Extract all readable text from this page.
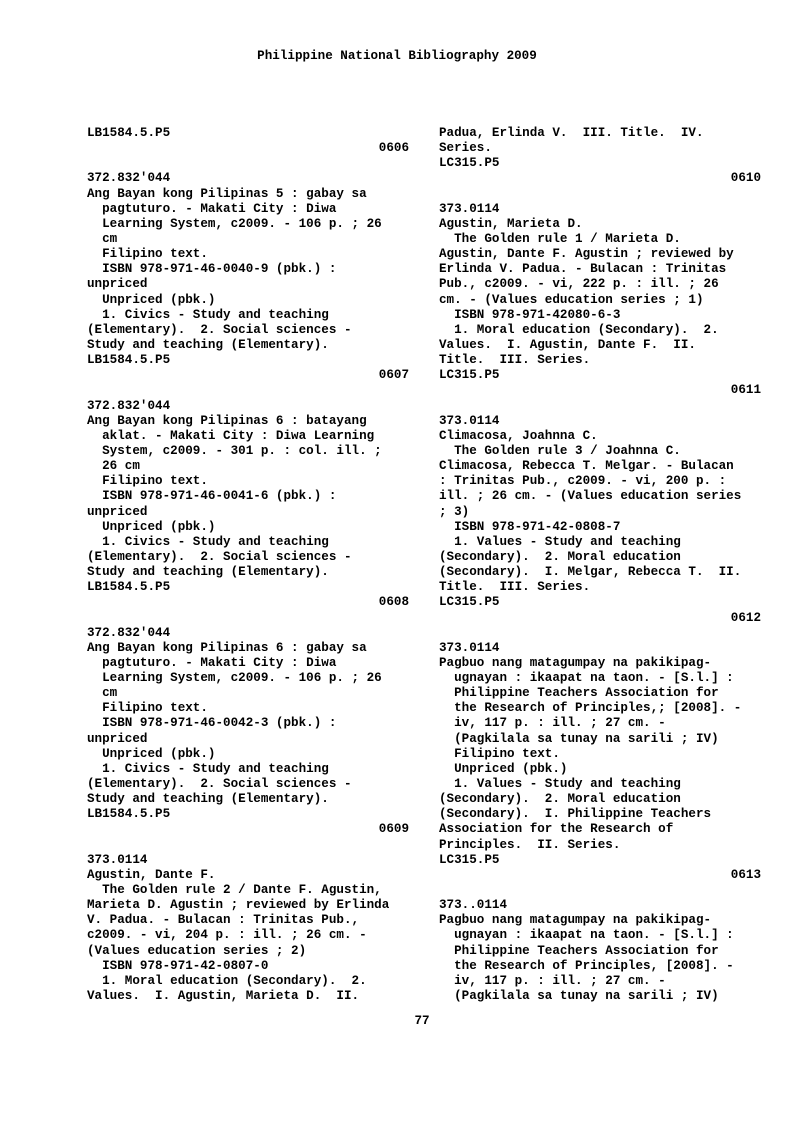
Philippine National Bibliography 2009
LB1584.5.P5
0606
372.832'044
Ang Bayan kong Pilipinas 5 : gabay sa
pagtuturo. - Makati City : Diwa
Learning System, c2009. - 106 p. ; 26
cm
Filipino text.
ISBN 978-971-46-0040-9 (pbk.) :
unpriced
Unpriced (pbk.)
1. Civics - Study and teaching
(Elementary).  2. Social sciences -
Study and teaching (Elementary).
LB1584.5.P5
0607
372.832'044
Ang Bayan kong Pilipinas 6 : batayang
aklat. - Makati City : Diwa Learning
System, c2009. - 301 p. : col. ill. ;
26 cm
Filipino text.
ISBN 978-971-46-0041-6 (pbk.) :
unpriced
Unpriced (pbk.)
1. Civics - Study and teaching
(Elementary).  2. Social sciences -
Study and teaching (Elementary).
LB1584.5.P5
0608
372.832'044
Ang Bayan kong Pilipinas 6 : gabay sa
pagtuturo. - Makati City : Diwa
Learning System, c2009. - 106 p. ; 26
cm
Filipino text.
ISBN 978-971-46-0042-3 (pbk.) :
unpriced
Unpriced (pbk.)
1. Civics - Study and teaching
(Elementary).  2. Social sciences -
Study and teaching (Elementary).
LB1584.5.P5
0609
373.0114
Agustin, Dante F.
The Golden rule 2 / Dante F. Agustin,
Marieta D. Agustin ; reviewed by Erlinda
V. Padua. - Bulacan : Trinitas Pub.,
c2009. - vi, 204 p. : ill. ; 26 cm. -
(Values education series ; 2)
ISBN 978-971-42-0807-0
1. Moral education (Secondary).  2.
Values.  I. Agustin, Marieta D.  II.
Padua, Erlinda V.  III. Title.  IV.
Series.
LC315.P5
0610
373.0114
Agustin, Marieta D.
The Golden rule 1 / Marieta D.
Agustin, Dante F. Agustin ; reviewed by
Erlinda V. Padua. - Bulacan : Trinitas
Pub., c2009. - vi, 222 p. : ill. ; 26
cm. - (Values education series ; 1)
ISBN 978-971-42080-6-3
1. Moral education (Secondary).  2.
Values.  I. Agustin, Dante F.  II.
Title.  III. Series.
LC315.P5
0611
373.0114
Climacosa, Joahnna C.
The Golden rule 3 / Joahnna C.
Climacosa, Rebecca T. Melgar. - Bulacan
: Trinitas Pub., c2009. - vi, 200 p. :
ill. ; 26 cm. - (Values education series
; 3)
ISBN 978-971-42-0808-7
1. Values - Study and teaching
(Secondary).  2. Moral education
(Secondary).  I. Melgar, Rebecca T.  II.
Title.  III. Series.
LC315.P5
0612
373.0114
Pagbuo nang matagumpay na pakikipag-
ugnayan : ikaapat na taon. - [S.l.] :
Philippine Teachers Association for
the Research of Principles,; [2008]. -
iv, 117 p. : ill. ; 27 cm. -
(Pagkilala sa tunay na sarili ; IV)
Filipino text.
Unpriced (pbk.)
1. Values - Study and teaching
(Secondary).  2. Moral education
(Secondary).  I. Philippine Teachers
Association for the Research of
Principles.  II. Series.
LC315.P5
0613
373..0114
Pagbuo nang matagumpay na pakikipag-
ugnayan : ikaapat na taon. - [S.l.] :
Philippine Teachers Association for
the Research of Principles, [2008]. -
iv, 117 p. : ill. ; 27 cm. -
(Pagkilala sa tunay na sarili ; IV)
77
